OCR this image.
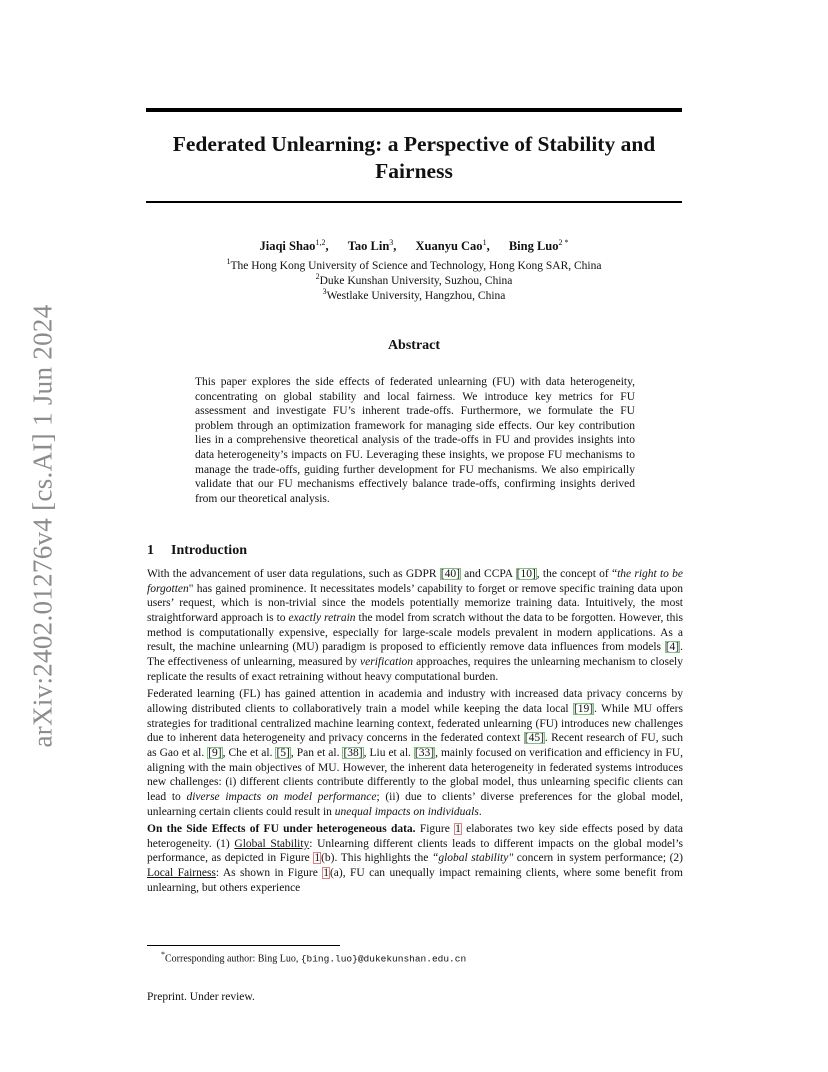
arXiv:2402.01276v4 [cs.AI] 1 Jun 2024
Federated Unlearning: a Perspective of Stability and
Fairness
Jiaqi Shao$^{1,2}$, Tao Lin$^3$, Xuanyu Cao$^1$, Bing Luo$^{2 *}$
$^1$The Hong Kong University of Science and Technology, Hong Kong SAR, China
$^2$Duke Kunshan University, Suzhou, China
$^3$Westlake University, Hangzhou, China
Abstract
This paper explores the side effects of federated unlearning (FU) with data heterogeneity, concentrating on global stability and local fairness. We introduce key metrics for FU assessment and investigate FU’s inherent trade-offs. Furthermore, we formulate the FU problem through an optimization framework for managing side effects. Our key contribution lies in a comprehensive theoretical analysis of the trade-offs in FU and provides insights into data heterogeneity’s impacts on FU. Leveraging these insights, we propose FU mechanisms to manage the trade-offs, guiding further development for FU mechanisms. We also empirically validate that our FU mechanisms effectively balance trade-offs, confirming insights derived from our theoretical analysis.
1 Introduction

With the advancement of user data regulations, such as GDPR [40] and CCPA [10], the concept of “the right to be forgotten" has gained prominence. It necessitates models’ capability to forget or remove specific training data upon users’ request, which is non-trivial since the models potentially memorize training data. Intuitively, the most straightforward approach is to exactly retrain the model from scratch without the data to be forgotten. However, this method is computationally expensive, especially for large-scale models prevalent in modern applications. As a result, the machine unlearning (MU) paradigm is proposed to efficiently remove data influences from models [4]. The effectiveness of unlearning, measured by verification approaches, requires the unlearning mechanism to closely replicate the results of exact retraining without heavy computational burden.

Federated learning (FL) has gained attention in academia and industry with increased data privacy concerns by allowing distributed clients to collaboratively train a model while keeping the data local [19]. While MU offers strategies for traditional centralized machine learning context, federated unlearning (FU) introduces new challenges due to inherent data heterogeneity and privacy concerns in the federated context [45]. Recent research of FU, such as Gao et al. [9], Che et al. [5], Pan et al. [38], Liu et al. [33], mainly focused on verification and efficiency in FU, aligning with the main objectives of MU. However, the inherent data heterogeneity in federated systems introduces new challenges: (i) different clients contribute differently to the global model, thus unlearning specific clients can lead to diverse impacts on model performance; (ii) due to clients’ diverse preferences for the global model, unlearning certain clients could result in unequal impacts on individuals.

On the Side Effects of FU under heterogeneous data. Figure 1 elaborates two key side effects posed by data heterogeneity. (1) Global Stability: Unlearning different clients leads to different impacts on the global model’s performance, as depicted in Figure 1(b). This highlights the “global stability" concern in system performance; (2) Local Fairness: As shown in Figure 1(a), FU can unequally impact remaining clients, where some benefit from unlearning, but others experience

*Corresponding author: Bing Luo, {bing.luo}@dukekunshan.edu.cn
Preprint. Under review.
